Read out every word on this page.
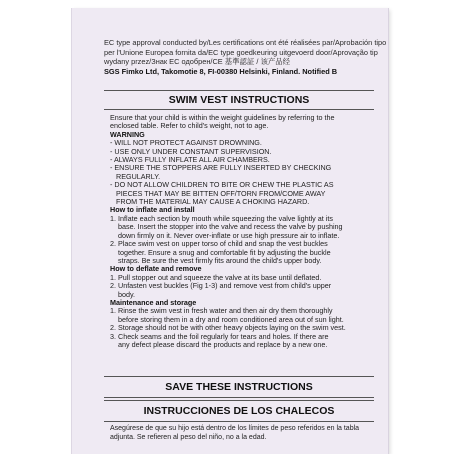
EC type approval conducted by/Les certifications ont été réalisées par/Aprobación tipo
per l'Unione Europea fornita da/EC type goedkeuring uitgevoerd door/Aprovação tip
wydany przez/Знак ЕС одобрен/CE 基準認証 / 该产品经
SGS Fimko Ltd, Takomotie 8, FI-00380 Helsinki, Finland. Notified B
SWIM VEST INSTRUCTIONS

Ensure that your child is within the weight guidelines by referring to the

enclosed table. Refer to child's weight, not to age.

WARNING

- WILL NOT PROTECT AGAINST DROWNING.

- USE ONLY UNDER CONSTANT SUPERVISION.

- ALWAYS FULLY INFLATE ALL AIR CHAMBERS.

- ENSURE THE STOPPERS ARE FULLY INSERTED BY CHECKING

REGULARLY.

- DO NOT ALLOW CHILDREN TO BITE OR CHEW THE PLASTIC AS

PIECES THAT MAY BE BITTEN OFF/TORN FROM/COME AWAY

FROM THE MATERIAL MAY CAUSE A CHOKING HAZARD.

How to inflate and install

1. Inflate each section by mouth while squeezing the valve lightly at its
base. Insert the stopper into the valve and recess the valve by pushing
down firmly on it. Never over-inflate or use high pressure air to inflate.
2. Place swim vest on upper torso of child and snap the vest buckles
together. Ensure a snug and comfortable fit by adjusting the buckle
straps. Be sure the vest firmly fits around the child's upper body.

How to deflate and remove

1. Pull stopper out and squeeze the valve at its base until deflated.
2. Unfasten vest buckles (Fig 1-3) and remove vest from child's upper
body.

Maintenance and storage

1. Rinse the swim vest in fresh water and then air dry them thoroughly
before storing them in a dry and room conditioned area out of sun light.
2. Storage should not be with other heavy objects laying on the swim vest.
3. Check seams and the foil regularly for tears and holes. If there are
any defect please discard the products and replace by a new one.
SAVE THESE INSTRUCTIONS
INSTRUCCIONES DE LOS CHALECOS

Asegúrese de que su hijo está dentro de los límites de peso referidos en la tabla

adjunta. Se refieren al peso del niño, no a la edad.
